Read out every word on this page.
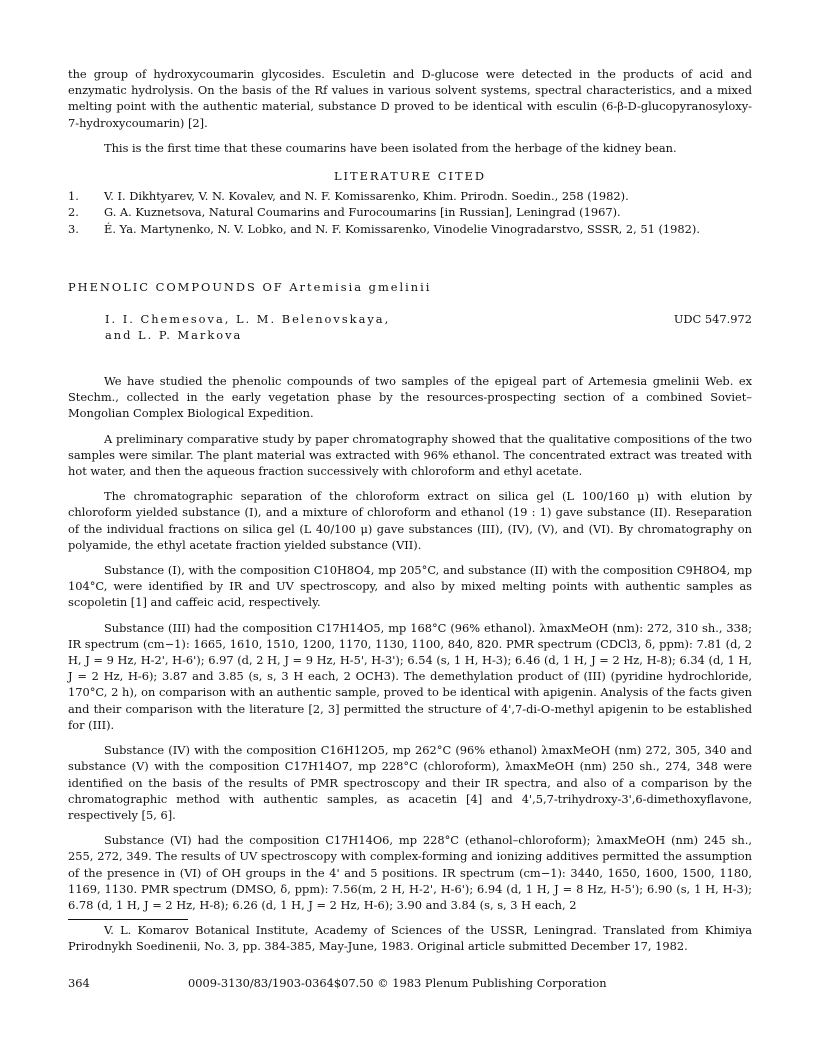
the group of hydroxycoumarin glycosides. Esculetin and D-glucose were detected in the products of acid and enzymatic hydrolysis. On the basis of the Rf values in various solvent systems, spectral characteristics, and a mixed melting point with the authentic material, substance D proved to be identical with esculin (6-β-D-glucopyranosyloxy-7-hydroxycoumarin) [2].

This is the first time that these coumarins have been isolated from the herbage of the kidney bean.

LITERATURE CITED

1.	V. I. Dikhtyarev, V. N. Kovalev, and N. F. Komissarenko, Khim. Prirodn. Soedin., 258 (1982).
2.	G. A. Kuznetsova, Natural Coumarins and Furocoumarins [in Russian], Leningrad (1967).
3.	É. Ya. Martynenko, N. V. Lobko, and N. F. Komissarenko, Vinodelie Vinogradarstvo, SSSR, 2, 51 (1982).

PHENOLIC COMPOUNDS OF Artemisia gmelinii

I. I. Chemesova, L. M. Belenovskaya,
and L. P. Markova
UDC 547.972

We have studied the phenolic compounds of two samples of the epigeal part of Artemesia gmelinii Web. ex Stechm., collected in the early vegetation phase by the resources-prospecting section of a combined Soviet–Mongolian Complex Biological Expedition.

A preliminary comparative study by paper chromatography showed that the qualitative compositions of the two samples were similar. The plant material was extracted with 96% ethanol. The concentrated extract was treated with hot water, and then the aqueous fraction successively with chloroform and ethyl acetate.

The chromatographic separation of the chloroform extract on silica gel (L 100/160 μ) with elution by chloroform yielded substance (I), and a mixture of chloroform and ethanol (19 : 1) gave substance (II). Reseparation of the individual fractions on silica gel (L 40/100 μ) gave substances (III), (IV), (V), and (VI). By chromatography on polyamide, the ethyl acetate fraction yielded substance (VII).

Substance (I), with the composition C10H8O4, mp 205°C, and substance (II) with the composition C9H8O4, mp 104°C, were identified by IR and UV spectroscopy, and also by mixed melting points with authentic samples as scopoletin [1] and caffeic acid, respectively.

Substance (III) had the composition C17H14O5, mp 168°C (96% ethanol). λmaxMeOH (nm): 272, 310 sh., 338; IR spectrum (cm−1): 1665, 1610, 1510, 1200, 1170, 1130, 1100, 840, 820. PMR spectrum (CDCl3, δ, ppm): 7.81 (d, 2 H, J = 9 Hz, H-2', H-6'); 6.97 (d, 2 H, J = 9 Hz, H-5', H-3'); 6.54 (s, 1 H, H-3); 6.46 (d, 1 H, J = 2 Hz, H-8); 6.34 (d, 1 H, J = 2 Hz, H-6); 3.87 and 3.85 (s, s, 3 H each, 2 OCH3). The demethylation product of (III) (pyridine hydrochloride, 170°C, 2 h), on comparison with an authentic sample, proved to be identical with apigenin. Analysis of the facts given and their comparison with the literature [2, 3] permitted the structure of 4',7-di-O-methyl apigenin to be established for (III).

Substance (IV) with the composition C16H12O5, mp 262°C (96% ethanol) λmaxMeOH (nm) 272, 305, 340 and substance (V) with the composition C17H14O7, mp 228°C (chloroform), λmaxMeOH (nm) 250 sh., 274, 348 were identified on the basis of the results of PMR spectroscopy and their IR spectra, and also of a comparison by the chromatographic method with authentic samples, as acacetin [4] and 4',5,7-trihydroxy-3',6-dimethoxyflavone, respectively [5, 6].

Substance (VI) had the composition C17H14O6, mp 228°C (ethanol–chloroform); λmaxMeOH (nm) 245 sh., 255, 272, 349. The results of UV spectroscopy with complex-forming and ionizing additives permitted the assumption of the presence in (VI) of OH groups in the 4' and 5 positions. IR spectrum (cm−1): 3440, 1650, 1600, 1500, 1180, 1169, 1130. PMR spectrum (DMSO, δ, ppm): 7.56(m, 2 H, H-2', H-6'); 6.94 (d, 1 H, J = 8 Hz, H-5'); 6.90 (s, 1 H, H-3); 6.78 (d, 1 H, J = 2 Hz, H-8); 6.26 (d, 1 H, J = 2 Hz, H-6); 3.90 and 3.84 (s, s, 3 H each, 2

V. L. Komarov Botanical Institute, Academy of Sciences of the USSR, Leningrad. Translated from Khimiya Prirodnykh Soedinenii, No. 3, pp. 384-385, May-June, 1983. Original article submitted December 17, 1982.

364	0009-3130/83/1903-0364$07.50 © 1983 Plenum Publishing Corporation
